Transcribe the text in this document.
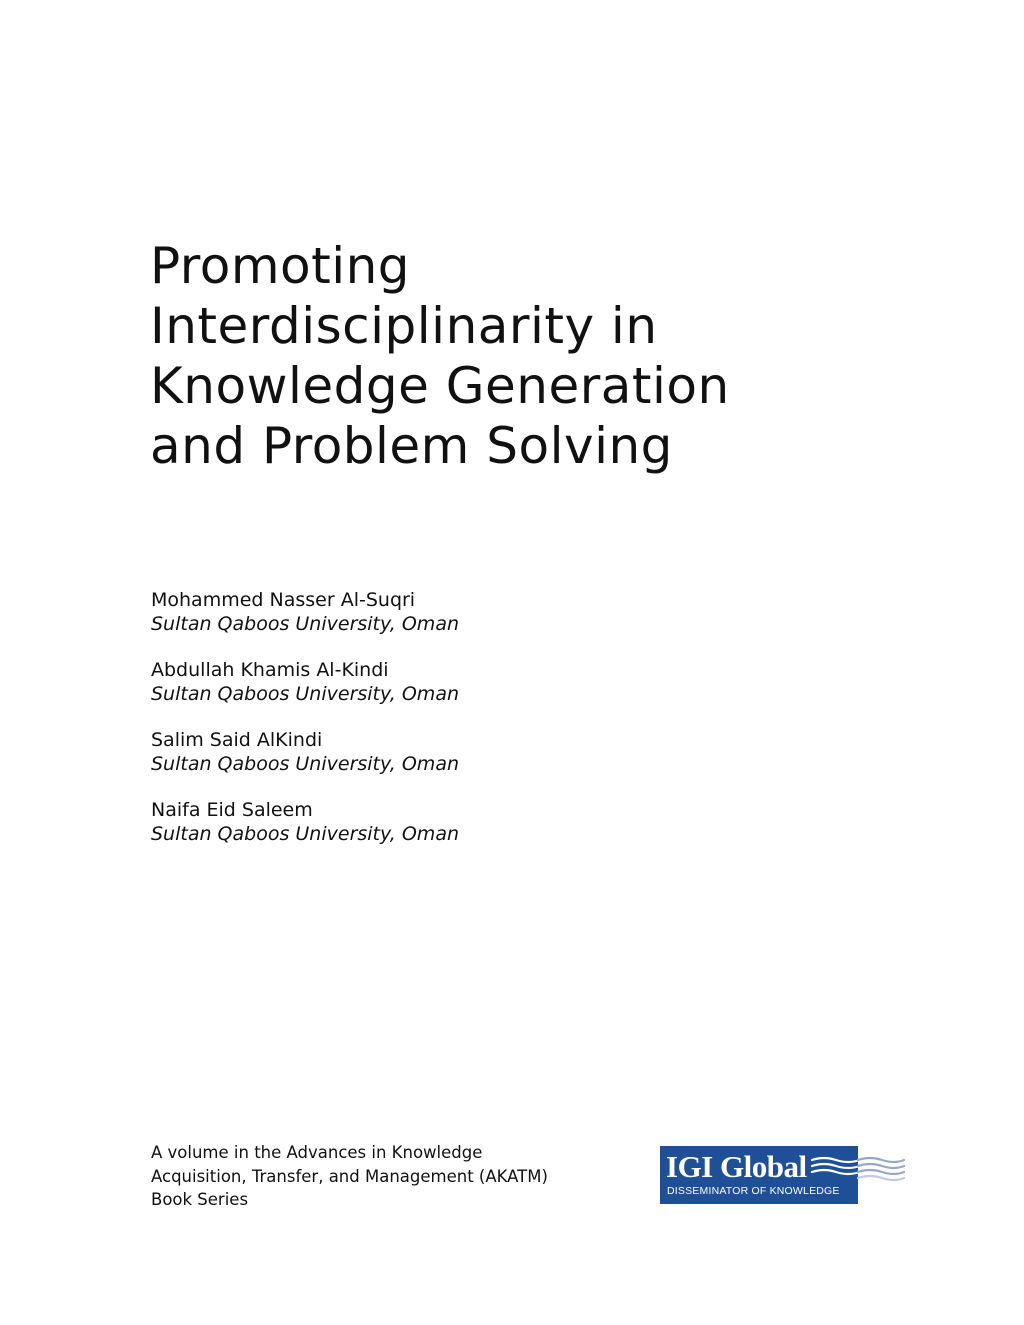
Promoting
Interdisciplinarity in
Knowledge Generation
and Problem Solving
Mohammed Nasser Al-Suqri
Sultan Qaboos University, Oman
Abdullah Khamis Al-Kindi
Sultan Qaboos University, Oman
Salim Said AlKindi
Sultan Qaboos University, Oman
Naifa Eid Saleem
Sultan Qaboos University, Oman
A volume in the Advances in Knowledge
Acquisition, Transfer, and Management (AKATM)
Book Series
IGI Global
DISSEMINATOR OF KNOWLEDGE
